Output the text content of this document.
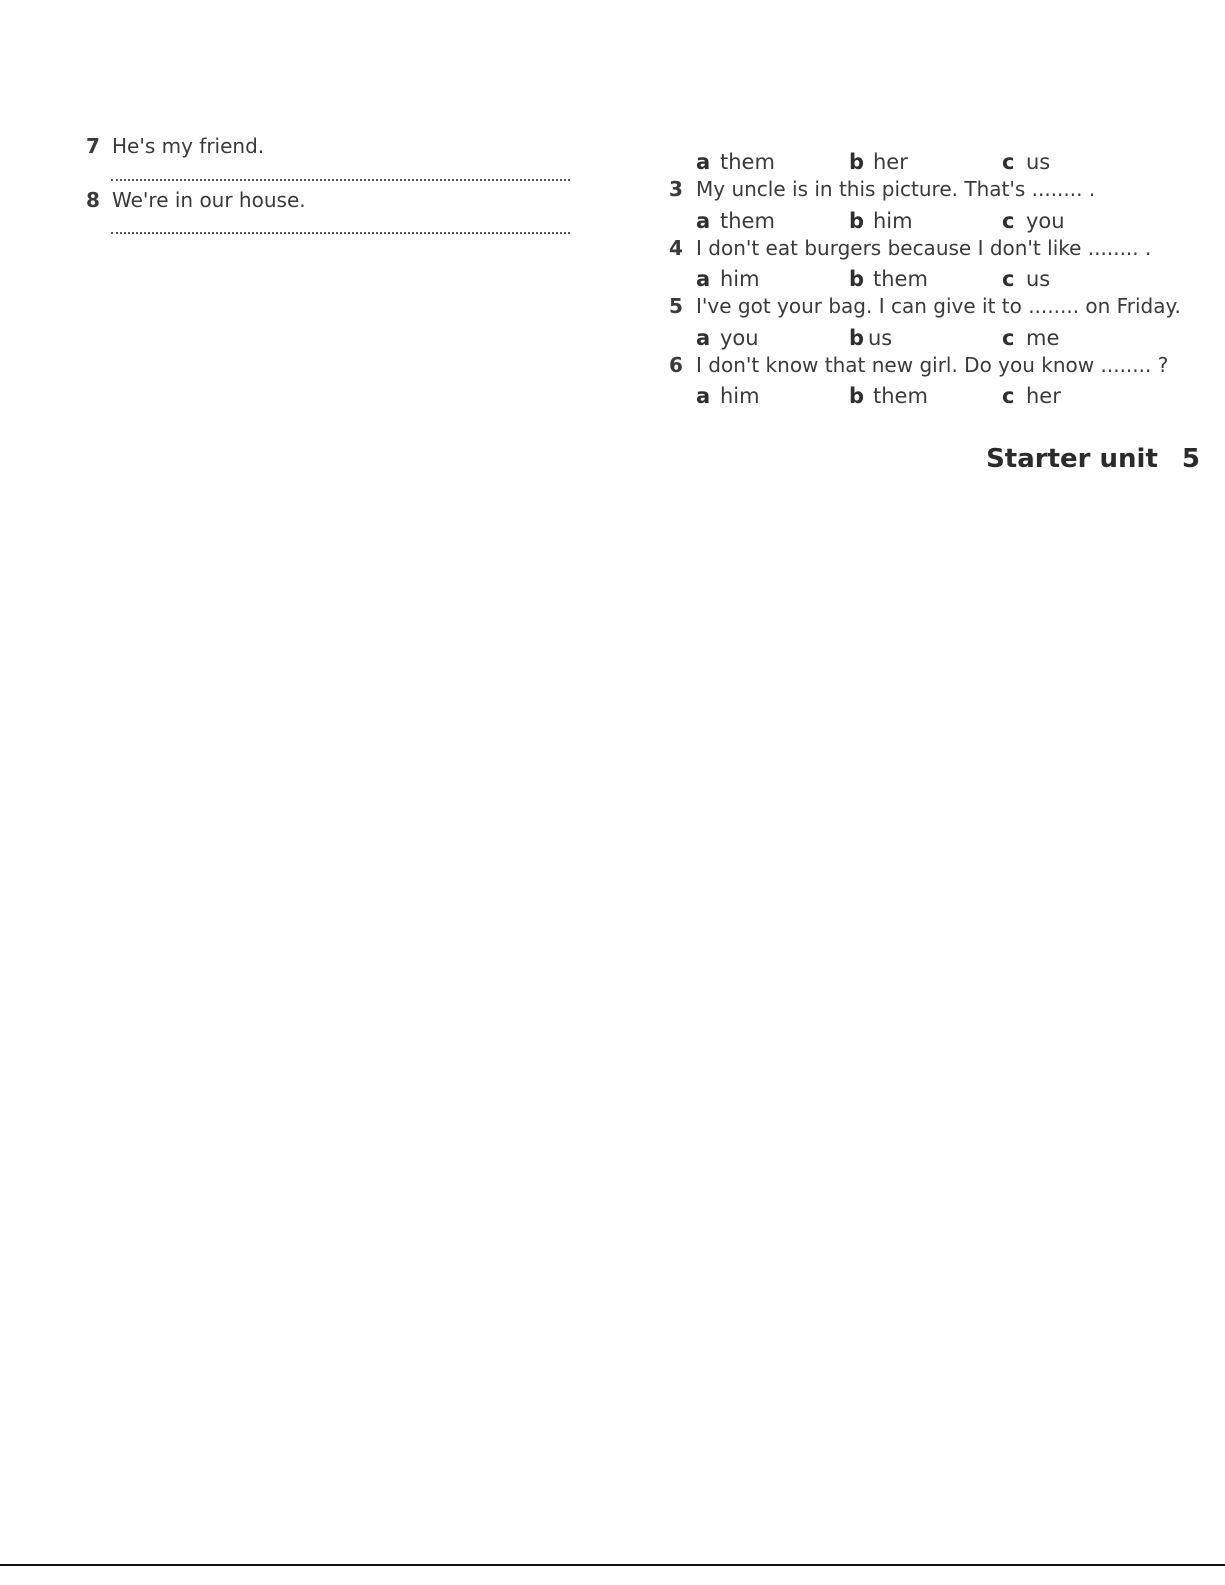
7 He's my friend.
8 We're in our house.
a them	b her	c us
3 My uncle is in this picture. That's ........ .
a them	b him	c you
4 I don't eat burgers because I don't like ........ .
a him	b them	c us
5 I've got your bag. I can give it to ........ on Friday.
a you	b us	c me
6 I don't know that new girl. Do you know ........ ?
a him	b them	c her
Starter unit 5
